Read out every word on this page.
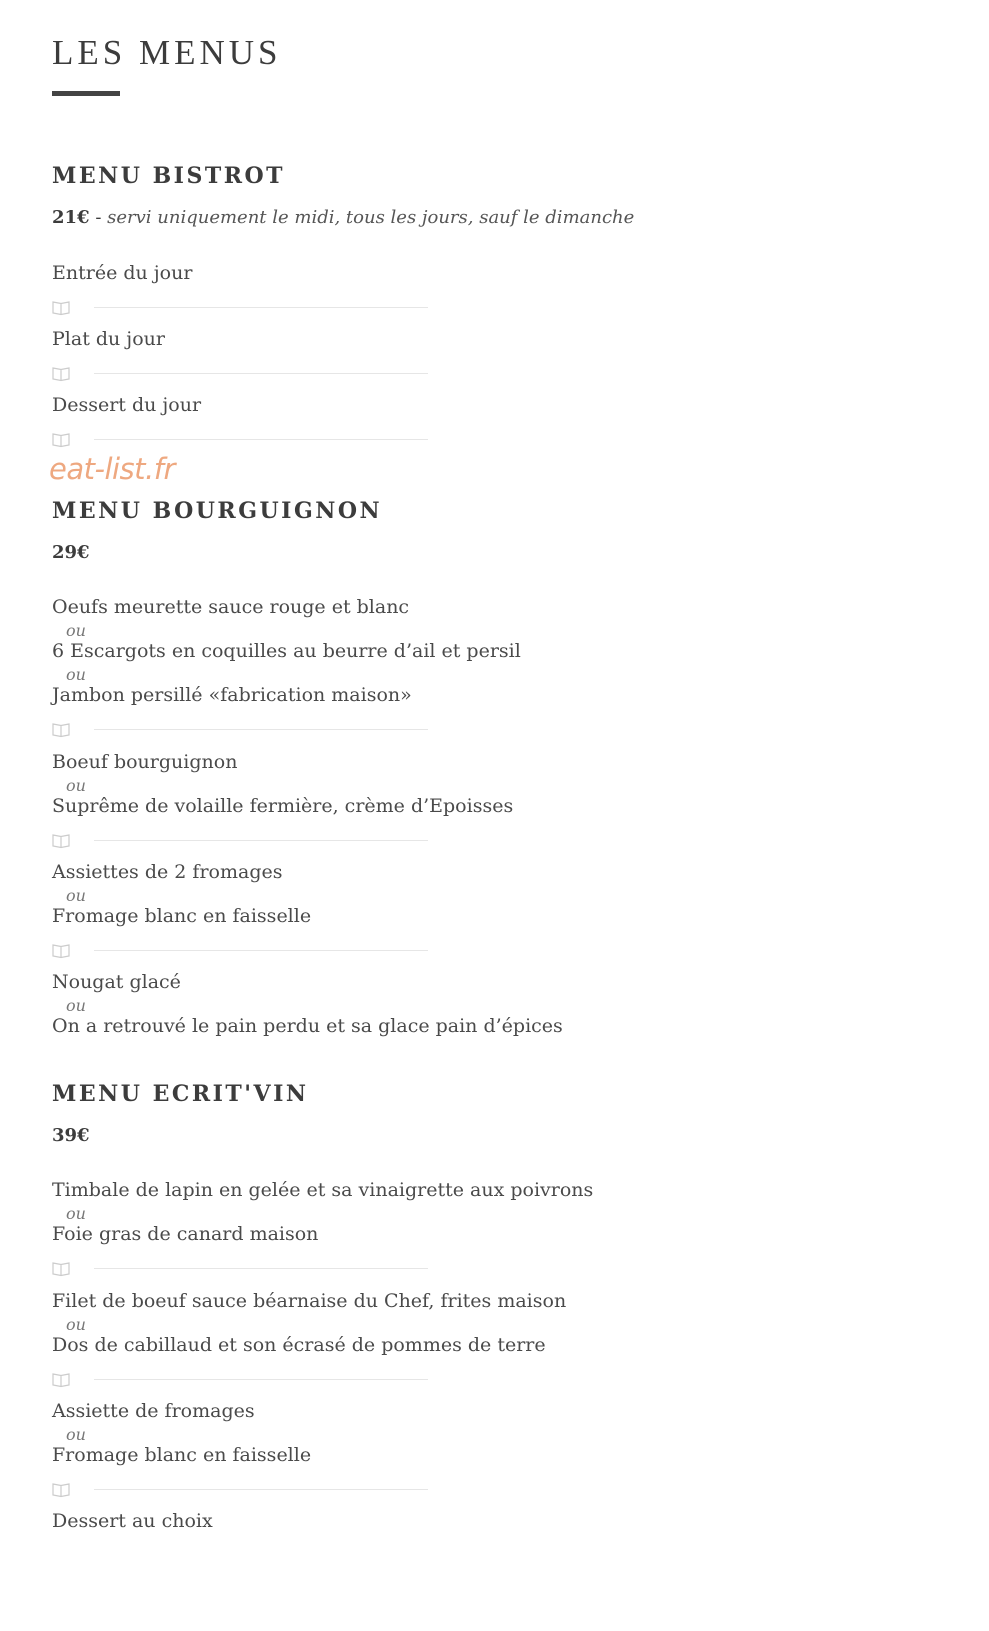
LES MENUS
MENU BISTROT
21€ - servi uniquement le midi, tous les jours, sauf le dimanche
Entrée du jour
Plat du jour
Dessert du jour
MENU BOURGUIGNON
29€
Oeufs meurette sauce rouge et blanc
ou
6 Escargots en coquilles au beurre d’ail et persil
ou
Jambon persillé «fabrication maison»
Boeuf bourguignon
ou
Suprême de volaille fermière, crème d’Epoisses
Assiettes de 2 fromages
ou
Fromage blanc en faisselle
Nougat glacé
ou
On a retrouvé le pain perdu et sa glace pain d’épices
MENU ECRIT'VIN
39€
Timbale de lapin en gelée et sa vinaigrette aux poivrons
ou
Foie gras de canard maison
Filet de boeuf sauce béarnaise du Chef, frites maison
ou
Dos de cabillaud et son écrasé de pommes de terre
Assiette de fromages
ou
Fromage blanc en faisselle
Dessert au choix
eat-list.fr
